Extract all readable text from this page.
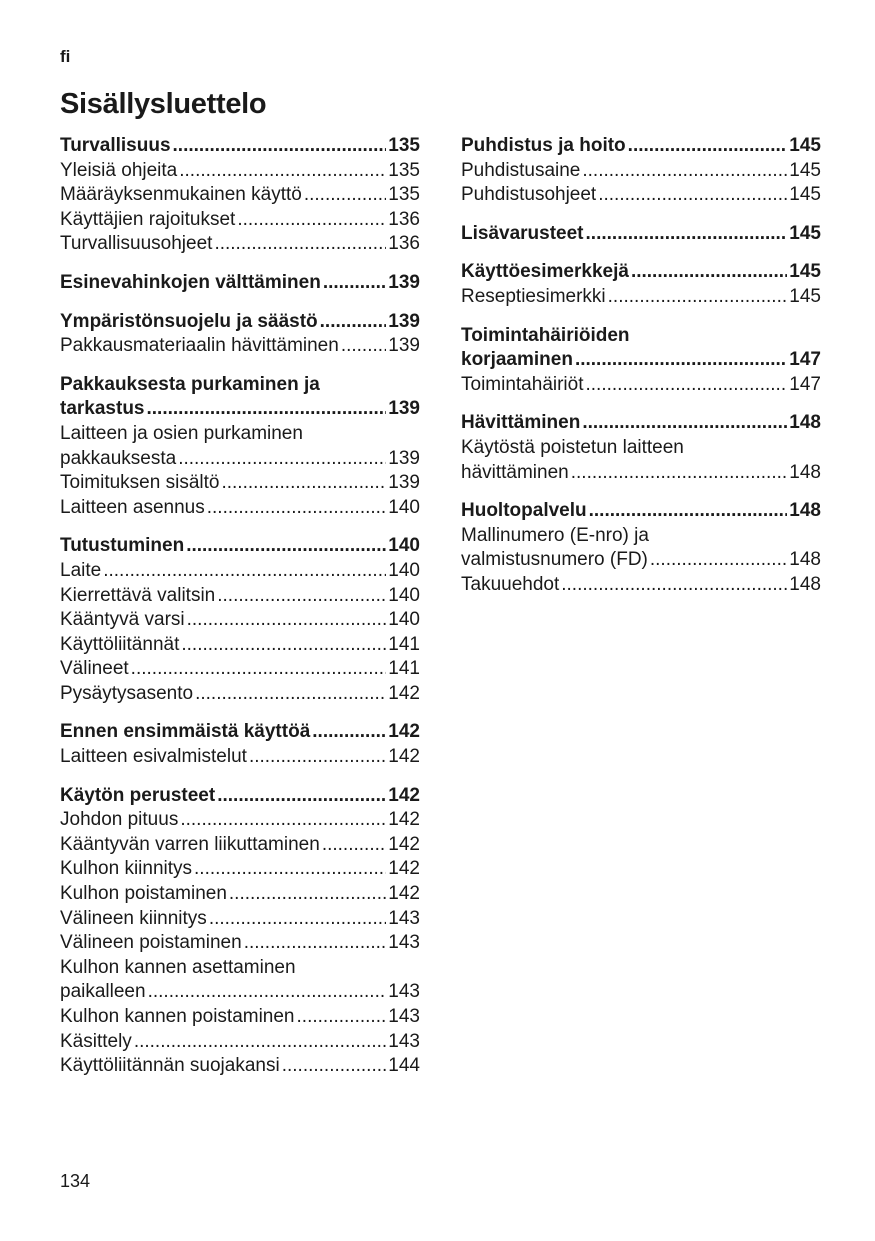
fi
Sisällysluettelo
Turvallisuus .....	135
Yleisiä ohjeita .....	135
Määräyksenmukainen käyttö .....	135
Käyttäjien rajoitukset .....	136
Turvallisuusohjeet .....	136
Esinevahinkojen välttäminen .....	139
Ympäristönsuojelu ja säästö .....	139
Pakkausmateriaalin hävittäminen .....	139
Pakkauksesta purkaminen ja
tarkastus .....	139
Laitteen ja osien purkaminen
pakkauksesta .....	139
Toimituksen sisältö .....	139
Laitteen asennus .....	140
Tutustuminen .....	140
Laite .....	140
Kierrettävä valitsin .....	140
Kääntyvä varsi .....	140
Käyttöliitännät .....	141
Välineet .....	141
Pysäytysasento .....	142
Ennen ensimmäistä käyttöä .....	142
Laitteen esivalmistelut .....	142
Käytön perusteet .....	142
Johdon pituus .....	142
Kääntyvän varren liikuttaminen .....	142
Kulhon kiinnitys .....	142
Kulhon poistaminen .....	142
Välineen kiinnitys .....	143
Välineen poistaminen .....	143
Kulhon kannen asettaminen
paikalleen .....	143
Kulhon kannen poistaminen .....	143
Käsittely .....	143
Käyttöliitännän suojakansi .....	144
Puhdistus ja hoito .....	145
Puhdistusaine .....	145
Puhdistusohjeet .....	145
Lisävarusteet .....	145
Käyttöesimerkkejä .....	145
Reseptiesimerkki .....	145
Toimintahäiriöiden
korjaaminen .....	147
Toimintahäiriöt .....	147
Hävittäminen .....	148
Käytöstä poistetun laitteen
hävittäminen .....	148
Huoltopalvelu .....	148
Mallinumero (E-nro) ja
valmistusnumero (FD) .....	148
Takuuehdot .....	148
134
